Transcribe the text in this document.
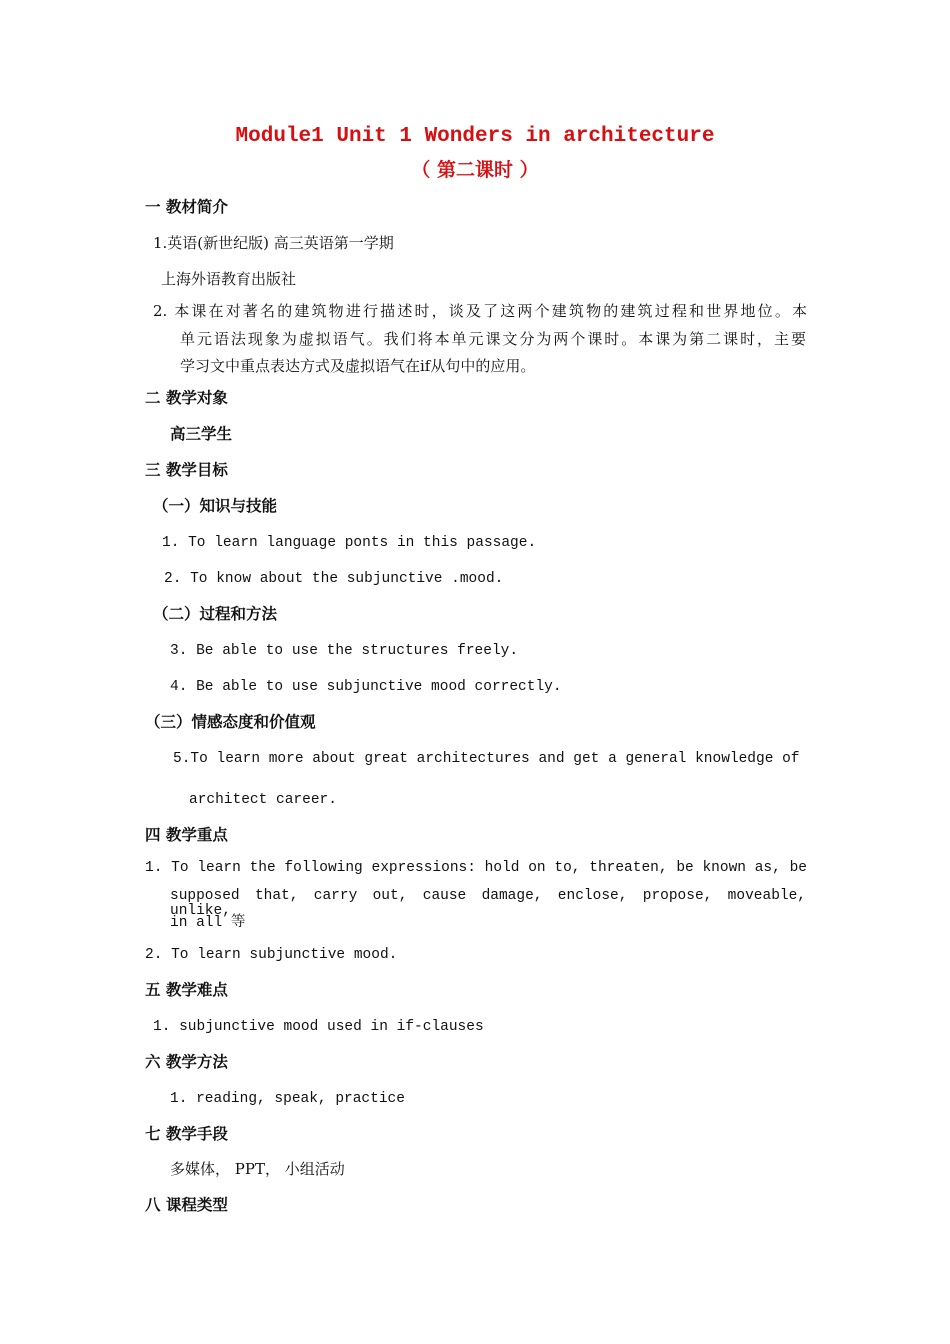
Module1 Unit 1 Wonders in architecture
（ 第二课时 ）
一 教材简介
1.英语(新世纪版) 高三英语第一学期
上海外语教育出版社
2. 本课在对著名的建筑物进行描述时，谈及了这两个建筑物的建筑过程和世界地位。本
单元语法现象为虚拟语气。我们将本单元课文分为两个课时。本课为第二课时，主要
学习文中重点表达方式及虚拟语气在if从句中的应用。
二 教学对象
高三学生
三 教学目标
（一）知识与技能
1. To learn language ponts in this passage.
2. To know about the subjunctive .mood.
（二）过程和方法
3. Be able to use the structures freely.
4. Be able to use subjunctive mood correctly.
（三）情感态度和价值观
5.To learn more about great architectures and get a general knowledge of
architect career.
四 教学重点
1. To learn the following expressions: hold on to, threaten, be known as, be
supposed that, carry out, cause damage, enclose, propose, moveable, unlike,
in all 等
2. To learn subjunctive mood.
五 教学难点
1. subjunctive mood used in if-clauses
六 教学方法
1. reading, speak, practice
七 教学手段
多媒体， PPT， 小组活动
八 课程类型
